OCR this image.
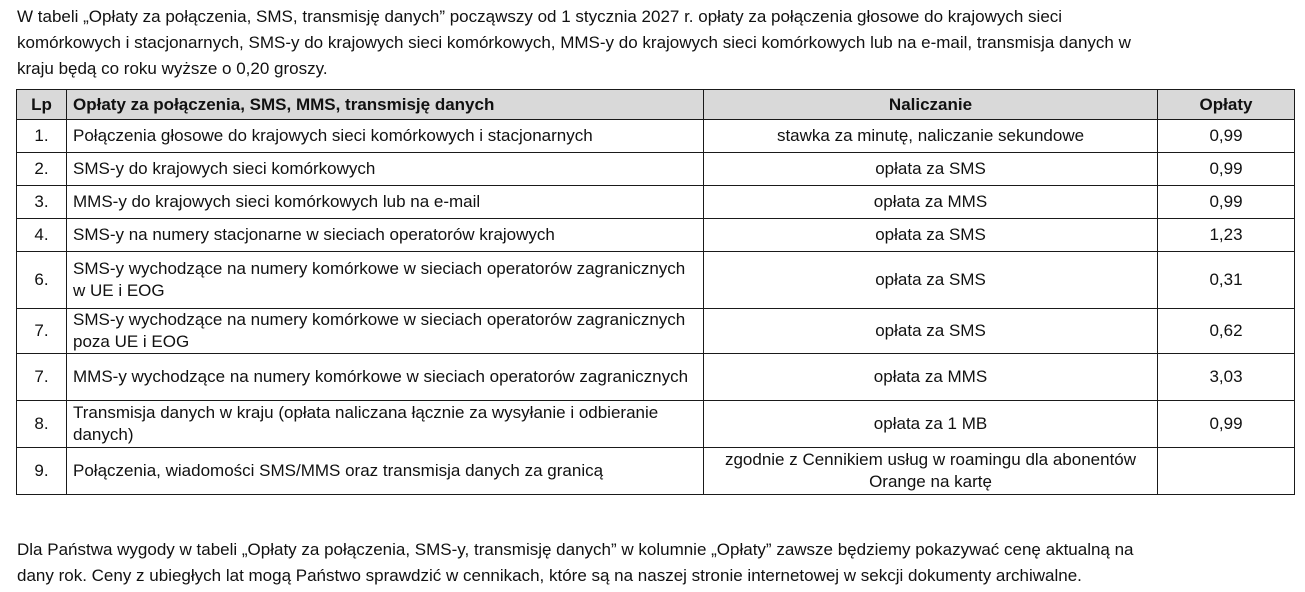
W tabeli „Opłaty za połączenia, SMS, transmisję danych” począwszy od 1 stycznia 2027 r. opłaty za połączenia głosowe do krajowych sieci
komórkowych i stacjonarnych, SMS-y do krajowych sieci komórkowych, MMS-y do krajowych sieci komórkowych lub na e-mail, transmisja danych w
kraju będą co roku wyższe o 0,20 groszy.

Lp	Opłaty za połączenia, SMS, MMS, transmisję danych	Naliczanie	Opłaty
1.	Połączenia głosowe do krajowych sieci komórkowych i stacjonarnych	stawka za minutę, naliczanie sekundowe	0,99
2.	SMS-y do krajowych sieci komórkowych	opłata za SMS	0,99
3.	MMS-y do krajowych sieci komórkowych lub na e-mail	opłata za MMS	0,99
4.	SMS-y na numery stacjonarne w sieciach operatorów krajowych	opłata za SMS	1,23
6.	SMS-y wychodzące na numery komórkowe w sieciach operatorów zagranicznych w UE i EOG	opłata za SMS	0,31
7.	SMS-y wychodzące na numery komórkowe w sieciach operatorów zagranicznych poza UE i EOG	opłata za SMS	0,62
7.	MMS-y wychodzące na numery komórkowe w sieciach operatorów zagranicznych	opłata za MMS	3,03
8.	Transmisja danych w kraju (opłata naliczana łącznie za wysyłanie i odbieranie danych)	opłata za 1 MB	0,99
9.	Połączenia, wiadomości SMS/MMS oraz transmisja danych za granicą	zgodnie z Cennikiem usług w roamingu dla abonentów Orange na kartę	

Dla Państwa wygody w tabeli „Opłaty za połączenia, SMS-y, transmisję danych” w kolumnie „Opłaty” zawsze będziemy pokazywać cenę aktualną na
dany rok. Ceny z ubiegłych lat mogą Państwo sprawdzić w cennikach, które są na naszej stronie internetowej w sekcji dokumenty archiwalne.
